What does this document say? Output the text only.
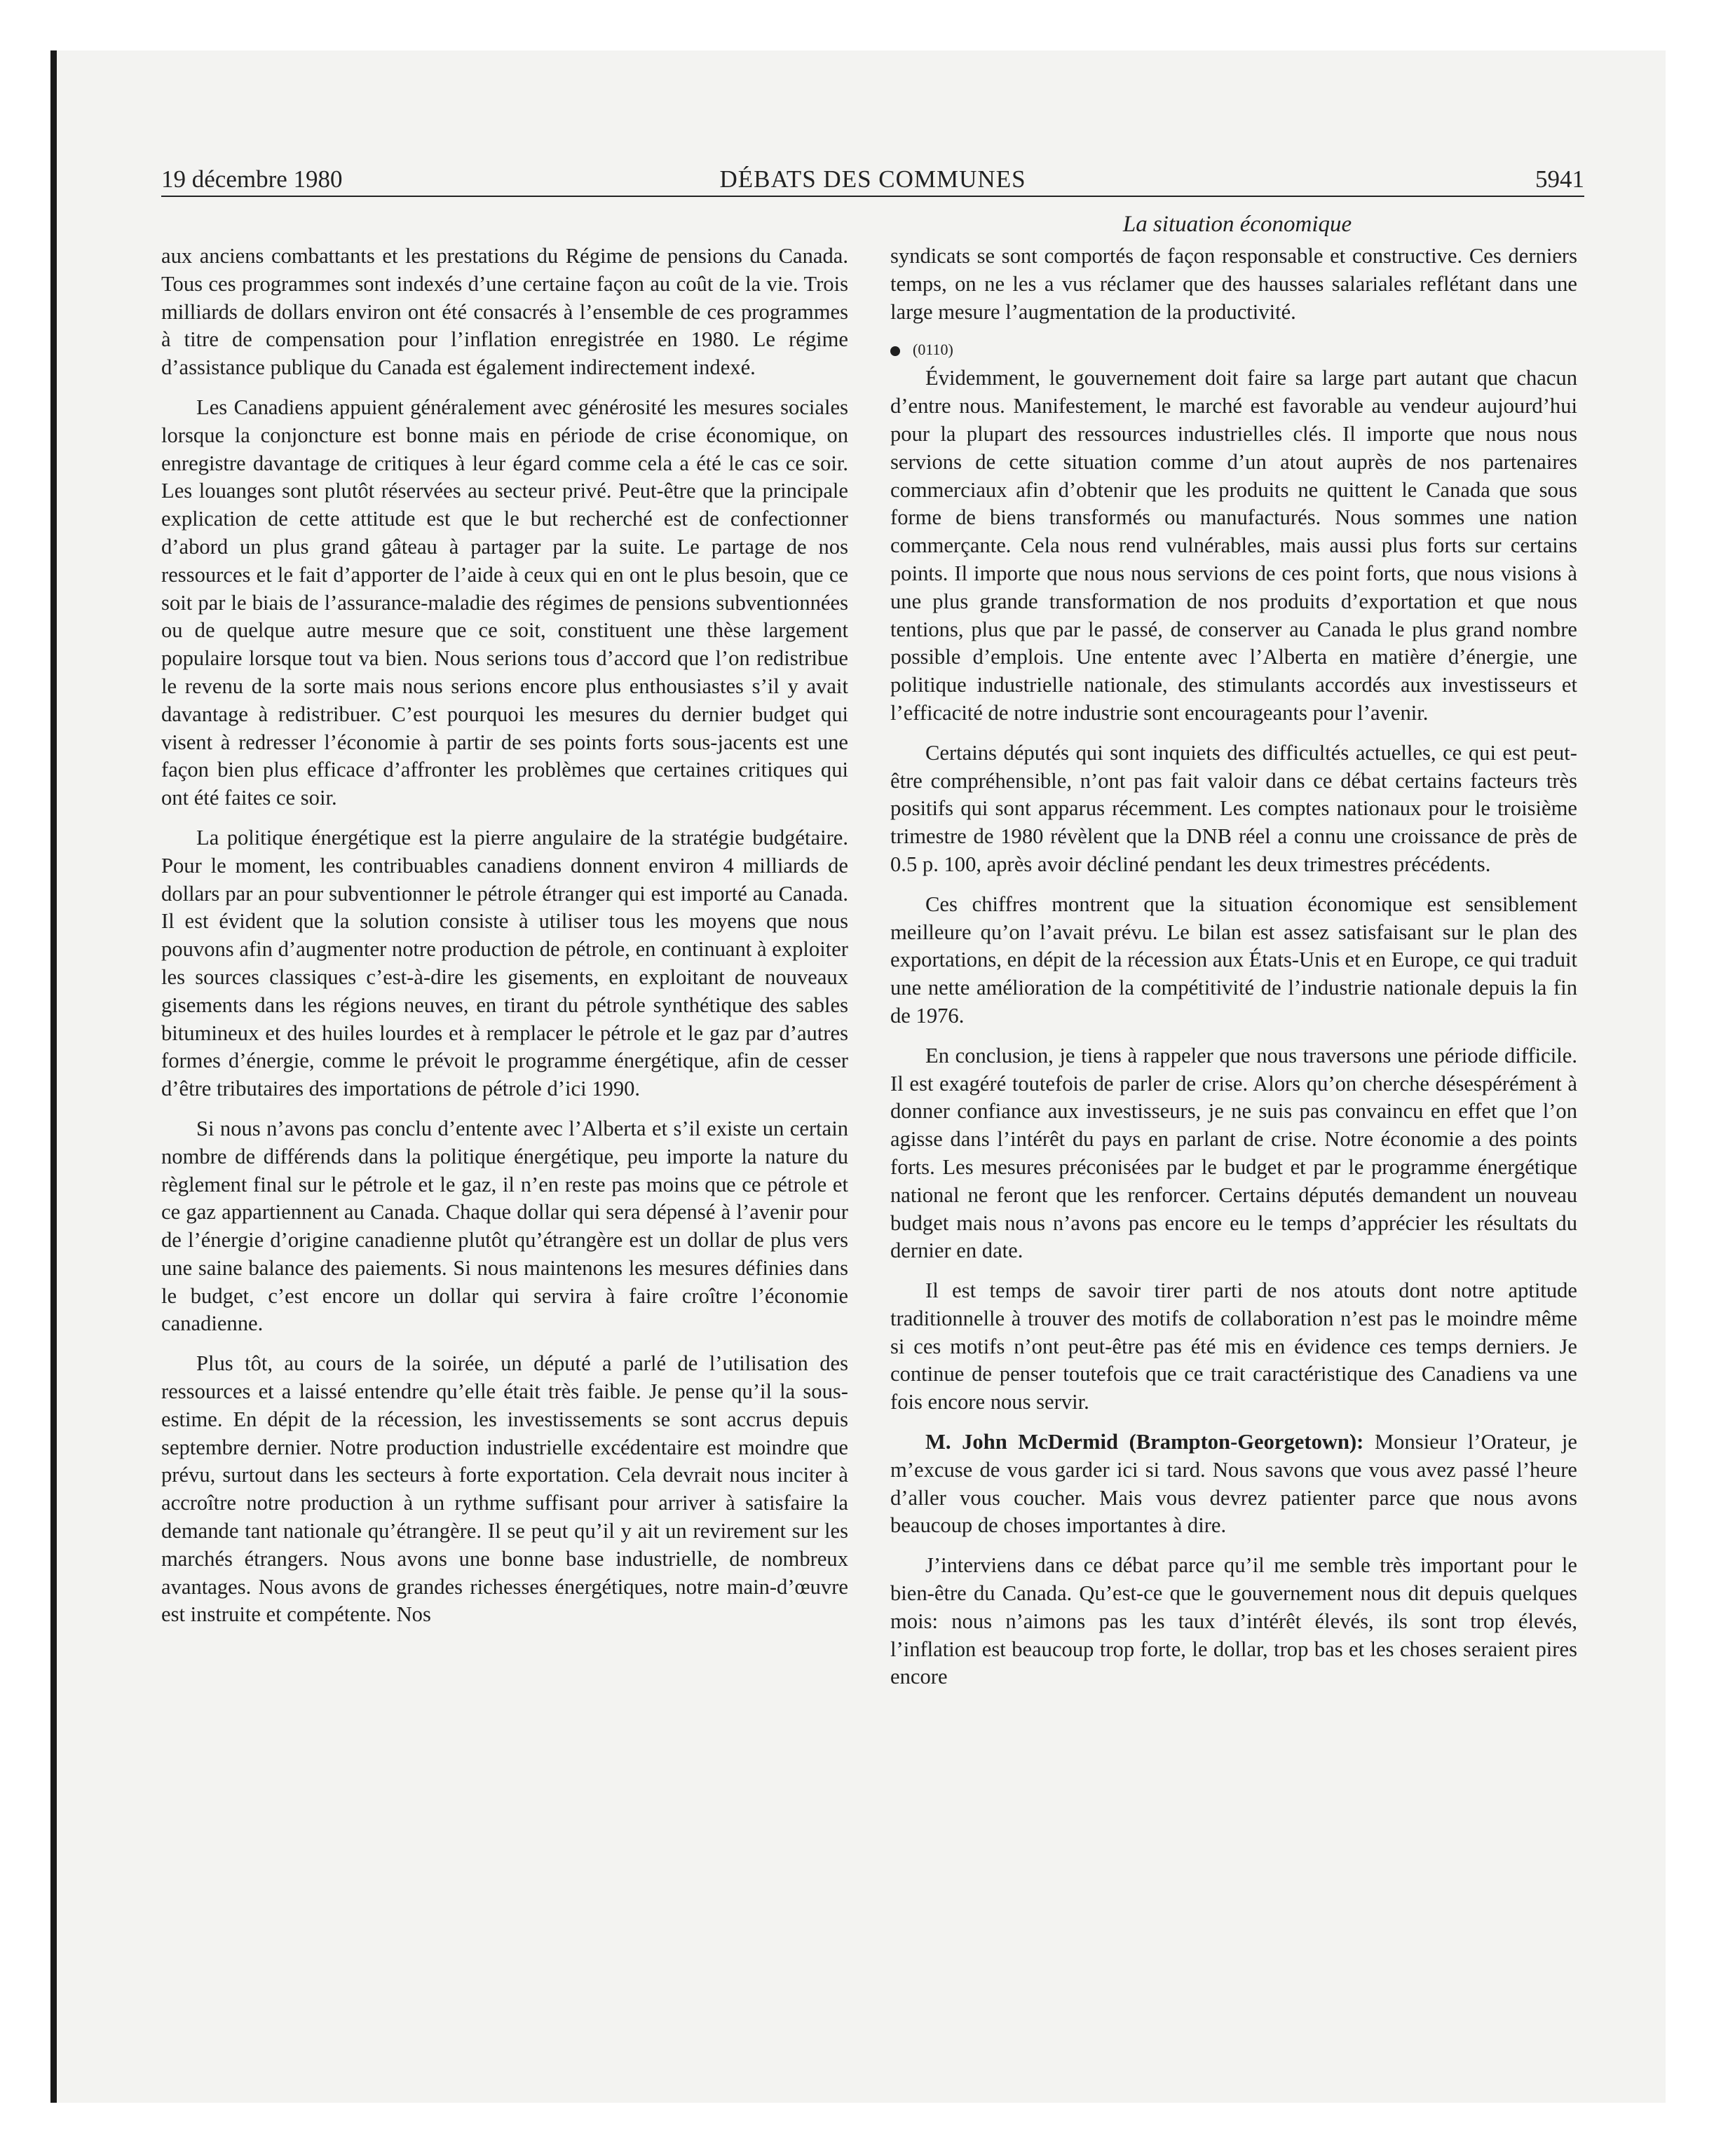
19 décembre 1980	DÉBATS DES COMMUNES	5941
La situation économique

aux anciens combattants et les prestations du Régime de pensions du Canada. Tous ces programmes sont indexés d’une certaine façon au coût de la vie. Trois milliards de dollars environ ont été consacrés à l’ensemble de ces programmes à titre de compensation pour l’inflation enregistrée en 1980. Le régime d’assistance publique du Canada est également indirectement indexé.

Les Canadiens appuient généralement avec générosité les mesures sociales lorsque la conjoncture est bonne mais en période de crise économique, on enregistre davantage de critiques à leur égard comme cela a été le cas ce soir. Les louanges sont plutôt réservées au secteur privé. Peut-être que la principale explication de cette attitude est que le but recherché est de confectionner d’abord un plus grand gâteau à partager par la suite. Le partage de nos ressources et le fait d’apporter de l’aide à ceux qui en ont le plus besoin, que ce soit par le biais de l’assurance-maladie des régimes de pensions subventionnées ou de quelque autre mesure que ce soit, constituent une thèse largement populaire lorsque tout va bien. Nous serions tous d’accord que l’on redistribue le revenu de la sorte mais nous serions encore plus enthousiastes s’il y avait davantage à redistribuer. C’est pourquoi les mesures du dernier budget qui visent à redresser l’économie à partir de ses points forts sous-jacents est une façon bien plus efficace d’affronter les problèmes que certaines critiques qui ont été faites ce soir.

La politique énergétique est la pierre angulaire de la stratégie budgétaire. Pour le moment, les contribuables canadiens donnent environ 4 milliards de dollars par an pour subventionner le pétrole étranger qui est importé au Canada. Il est évident que la solution consiste à utiliser tous les moyens que nous pouvons afin d’augmenter notre production de pétrole, en continuant à exploiter les sources classiques c’est-à-dire les gisements, en exploitant de nouveaux gisements dans les régions neuves, en tirant du pétrole synthétique des sables bitumineux et des huiles lourdes et à remplacer le pétrole et le gaz par d’autres formes d’énergie, comme le prévoit le programme énergétique, afin de cesser d’être tributaires des importations de pétrole d’ici 1990.

Si nous n’avons pas conclu d’entente avec l’Alberta et s’il existe un certain nombre de différends dans la politique énergétique, peu importe la nature du règlement final sur le pétrole et le gaz, il n’en reste pas moins que ce pétrole et ce gaz appartiennent au Canada. Chaque dollar qui sera dépensé à l’avenir pour de l’énergie d’origine canadienne plutôt qu’étrangère est un dollar de plus vers une saine balance des paiements. Si nous maintenons les mesures définies dans le budget, c’est encore un dollar qui servira à faire croître l’économie canadienne.

Plus tôt, au cours de la soirée, un député a parlé de l’utilisation des ressources et a laissé entendre qu’elle était très faible. Je pense qu’il la sous-estime. En dépit de la récession, les investissements se sont accrus depuis septembre dernier. Notre production industrielle excédentaire est moindre que prévu, surtout dans les secteurs à forte exportation. Cela devrait nous inciter à accroître notre production à un rythme suffisant pour arriver à satisfaire la demande tant nationale qu’étrangère. Il se peut qu’il y ait un revirement sur les marchés étrangers. Nous avons une bonne base industrielle, de nombreux avantages. Nous avons de grandes richesses énergétiques, notre main-d’œuvre est instruite et compétente. Nos

syndicats se sont comportés de façon responsable et constructive. Ces derniers temps, on ne les a vus réclamer que des hausses salariales reflétant dans une large mesure l’augmentation de la productivité.

(0110)

Évidemment, le gouvernement doit faire sa large part autant que chacun d’entre nous. Manifestement, le marché est favorable au vendeur aujourd’hui pour la plupart des ressources industrielles clés. Il importe que nous nous servions de cette situation comme d’un atout auprès de nos partenaires commerciaux afin d’obtenir que les produits ne quittent le Canada que sous forme de biens transformés ou manufacturés. Nous sommes une nation commerçante. Cela nous rend vulnérables, mais aussi plus forts sur certains points. Il importe que nous nous servions de ces point forts, que nous visions à une plus grande transformation de nos produits d’exportation et que nous tentions, plus que par le passé, de conserver au Canada le plus grand nombre possible d’emplois. Une entente avec l’Alberta en matière d’énergie, une politique industrielle nationale, des stimulants accordés aux investisseurs et l’efficacité de notre industrie sont encourageants pour l’avenir.

Certains députés qui sont inquiets des difficultés actuelles, ce qui est peut-être compréhensible, n’ont pas fait valoir dans ce débat certains facteurs très positifs qui sont apparus récemment. Les comptes nationaux pour le troisième trimestre de 1980 révèlent que la DNB réel a connu une croissance de près de 0.5 p. 100, après avoir décliné pendant les deux trimestres précédents.

Ces chiffres montrent que la situation économique est sensiblement meilleure qu’on l’avait prévu. Le bilan est assez satisfaisant sur le plan des exportations, en dépit de la récession aux États-Unis et en Europe, ce qui traduit une nette amélioration de la compétitivité de l’industrie nationale depuis la fin de 1976.

En conclusion, je tiens à rappeler que nous traversons une période difficile. Il est exagéré toutefois de parler de crise. Alors qu’on cherche désespérément à donner confiance aux investisseurs, je ne suis pas convaincu en effet que l’on agisse dans l’intérêt du pays en parlant de crise. Notre économie a des points forts. Les mesures préconisées par le budget et par le programme énergétique national ne feront que les renforcer. Certains députés demandent un nouveau budget mais nous n’avons pas encore eu le temps d’apprécier les résultats du dernier en date.

Il est temps de savoir tirer parti de nos atouts dont notre aptitude traditionnelle à trouver des motifs de collaboration n’est pas le moindre même si ces motifs n’ont peut-être pas été mis en évidence ces temps derniers. Je continue de penser toutefois que ce trait caractéristique des Canadiens va une fois encore nous servir.

M. John McDermid (Brampton-Georgetown): Monsieur l’Orateur, je m’excuse de vous garder ici si tard. Nous savons que vous avez passé l’heure d’aller vous coucher. Mais vous devrez patienter parce que nous avons beaucoup de choses importantes à dire.

J’interviens dans ce débat parce qu’il me semble très important pour le bien-être du Canada. Qu’est-ce que le gouvernement nous dit depuis quelques mois: nous n’aimons pas les taux d’intérêt élevés, ils sont trop élevés, l’inflation est beaucoup trop forte, le dollar, trop bas et les choses seraient pires encore
